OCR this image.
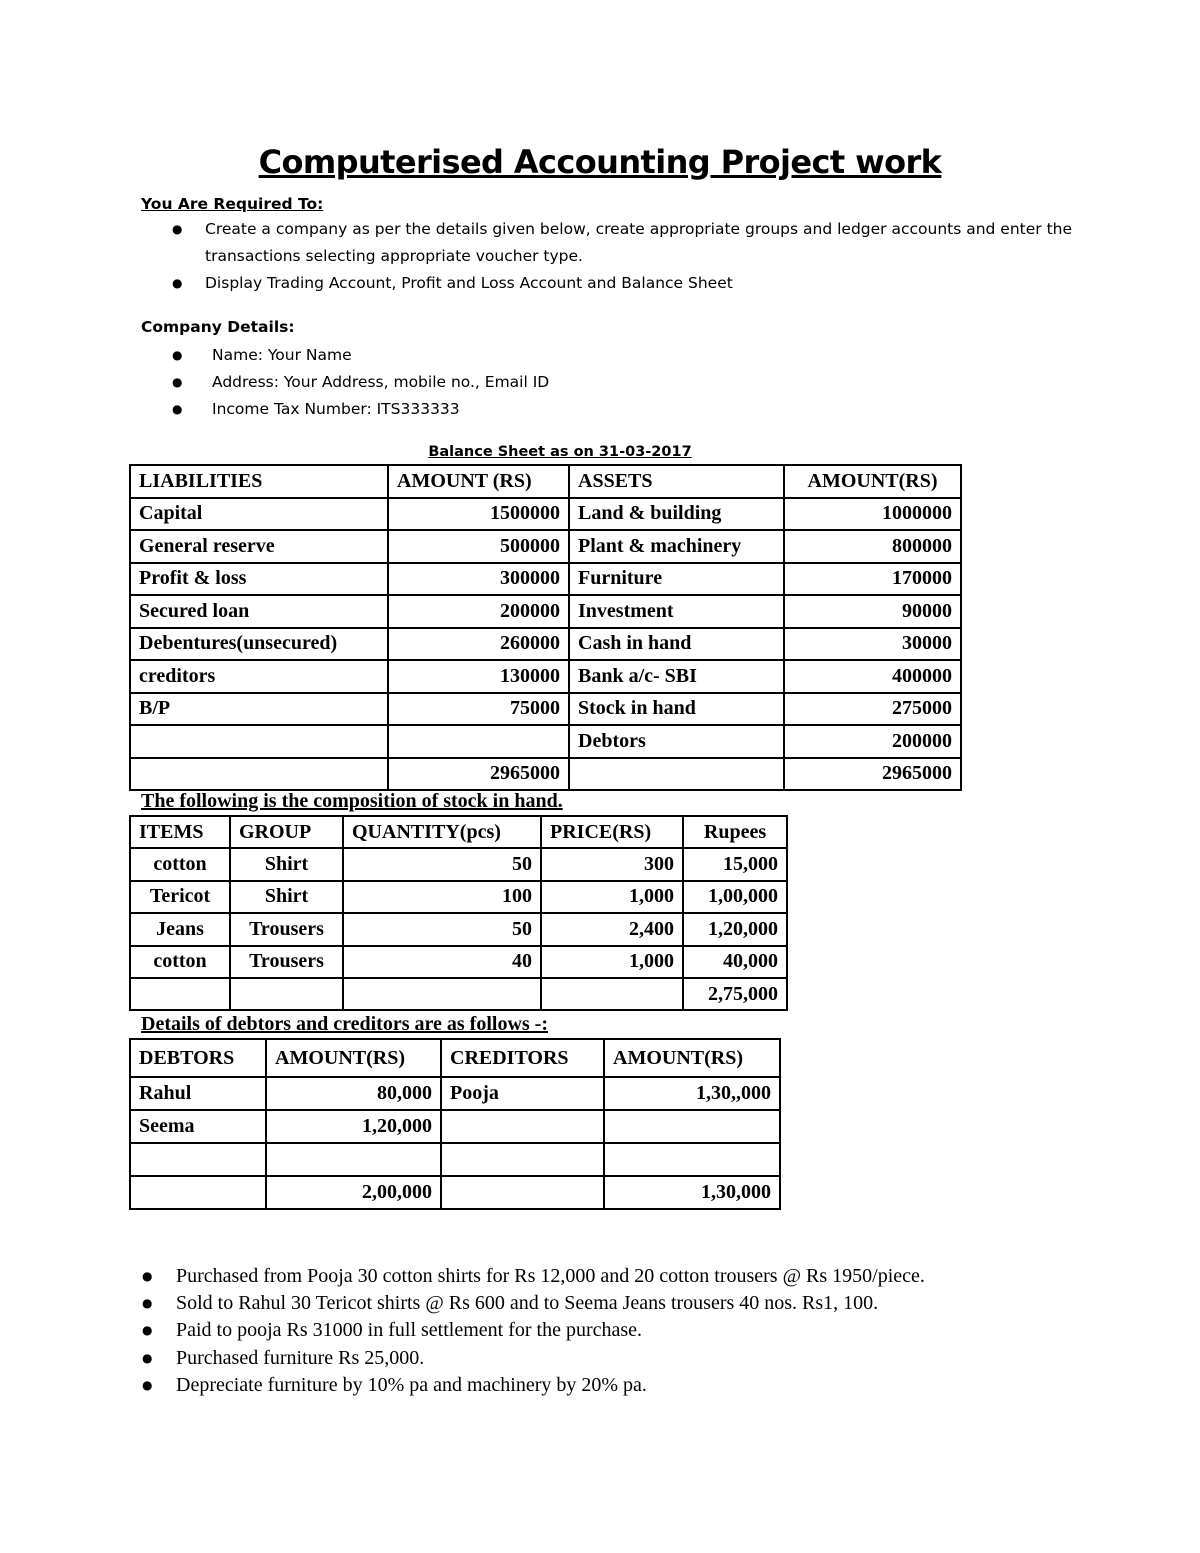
Computerised Accounting Project work

You Are Required To:

● Create a company as per the details given below, create appropriate groups and ledger accounts and enter the transactions selecting appropriate voucher type.
● Display Trading Account, Profit and Loss Account and Balance Sheet

Company Details:

● Name: Your Name
● Address: Your Address, mobile no., Email ID
● Income Tax Number: ITS333333
Balance Sheet as on 31-03-2017
LIABILITIES	AMOUNT (RS)	ASSETS	AMOUNT(RS)
Capital	1500000	Land & building	1000000
General reserve	500000	Plant & machinery	800000
Profit & loss	300000	Furniture	170000
Secured loan	200000	Investment	90000
Debentures(unsecured)	260000	Cash in hand	30000
creditors	130000	Bank a/c- SBI	400000
B/P	75000	Stock in hand	275000
		Debtors	200000
	2965000		2965000
The following is the composition of stock in hand.
ITEMS	GROUP	QUANTITY(pcs)	PRICE(RS)	Rupees
cotton	Shirt	50	300	15,000
Tericot	Shirt	100	1,000	1,00,000
Jeans	Trousers	50	2,400	1,20,000
cotton	Trousers	40	1,000	40,000
				2,75,000
Details of debtors and creditors are as follows -:
DEBTORS	AMOUNT(RS)	CREDITORS	AMOUNT(RS)
Rahul	80,000	Pooja	1,30,,000
Seema	1,20,000		

	2,00,000		1,30,000
● Purchased from Pooja 30 cotton shirts for Rs 12,000 and 20 cotton trousers @ Rs 1950/piece.
● Sold to Rahul 30 Tericot shirts @ Rs 600 and to Seema Jeans trousers 40 nos. Rs1, 100.
● Paid to pooja Rs 31000 in full settlement for the purchase.
● Purchased furniture Rs 25,000.
● Depreciate furniture by 10% pa and machinery by 20% pa.
